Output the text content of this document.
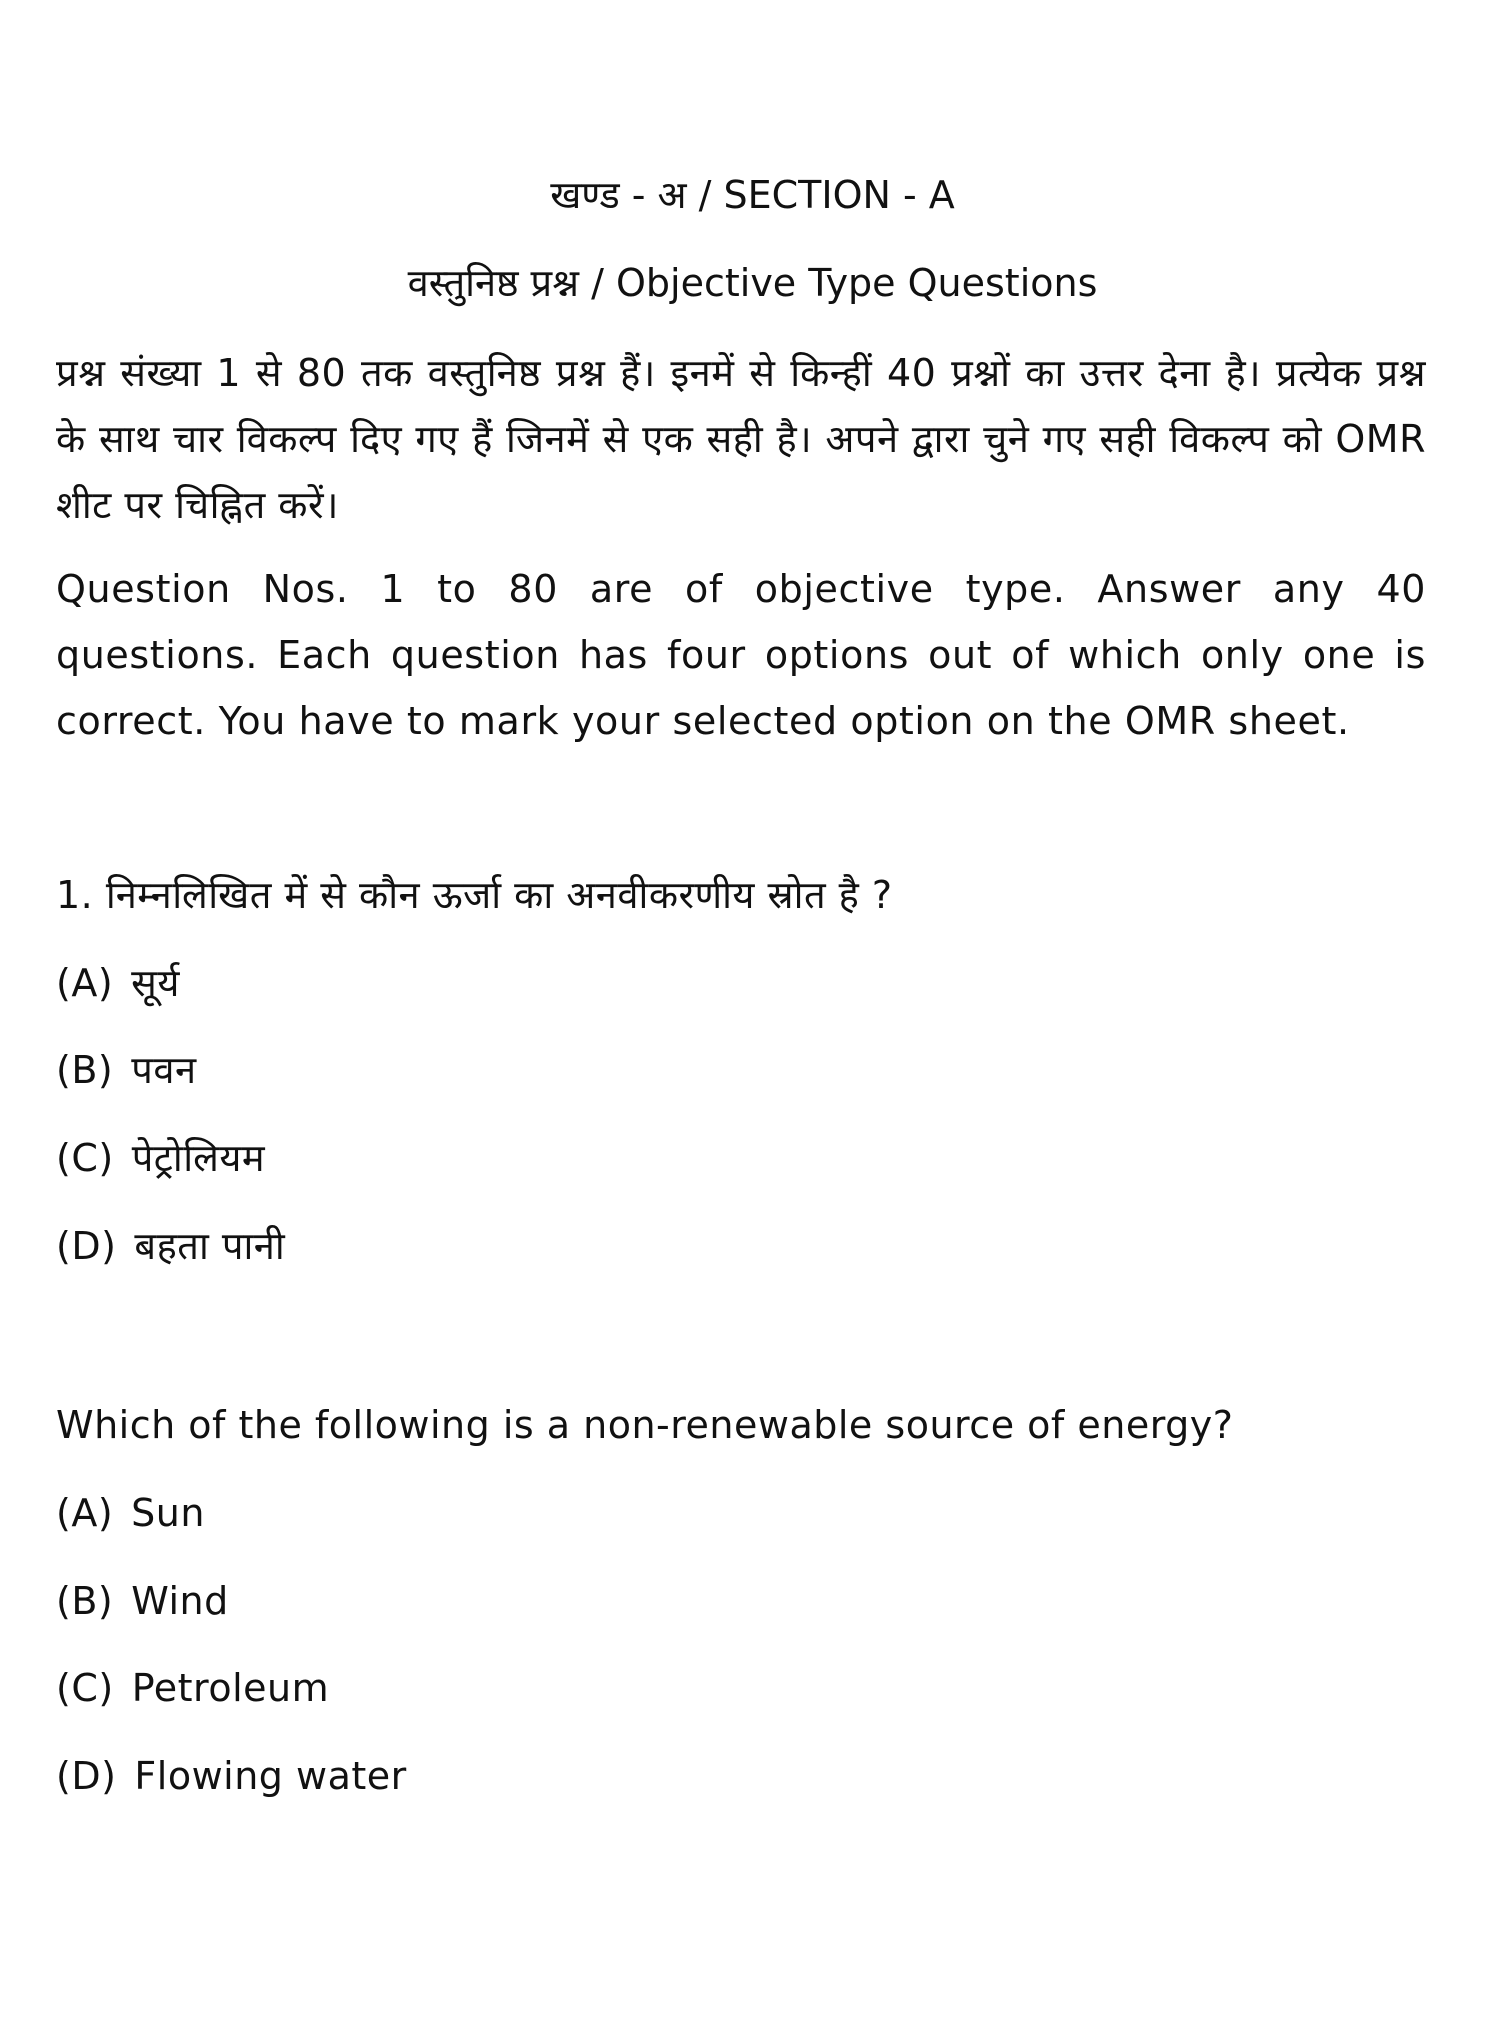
खण्ड - अ / SECTION - A
वस्तुनिष्ठ प्रश्न / Objective Type Questions
प्रश्न संख्या 1 से 80 तक वस्तुनिष्ठ प्रश्न हैं। इनमें से किन्हीं 40 प्रश्नों का उत्तर देना है। प्रत्येक प्रश्न के साथ चार विकल्प दिए गए हैं जिनमें से एक सही है। अपने द्वारा चुने गए सही विकल्प को OMR शीट पर चिह्नित करें।
Question Nos. 1 to 80 are of objective type. Answer any 40 questions. Each question has four options out of which only one is correct. You have to mark your selected option on the OMR sheet.
1. निम्नलिखित में से कौन ऊर्जा का अनवीकरणीय स्रोत है ?
(A) सूर्य
(B) पवन
(C) पेट्रोलियम
(D) बहता पानी
Which of the following is a non-renewable source of energy?
(A) Sun
(B) Wind
(C) Petroleum
(D) Flowing water
